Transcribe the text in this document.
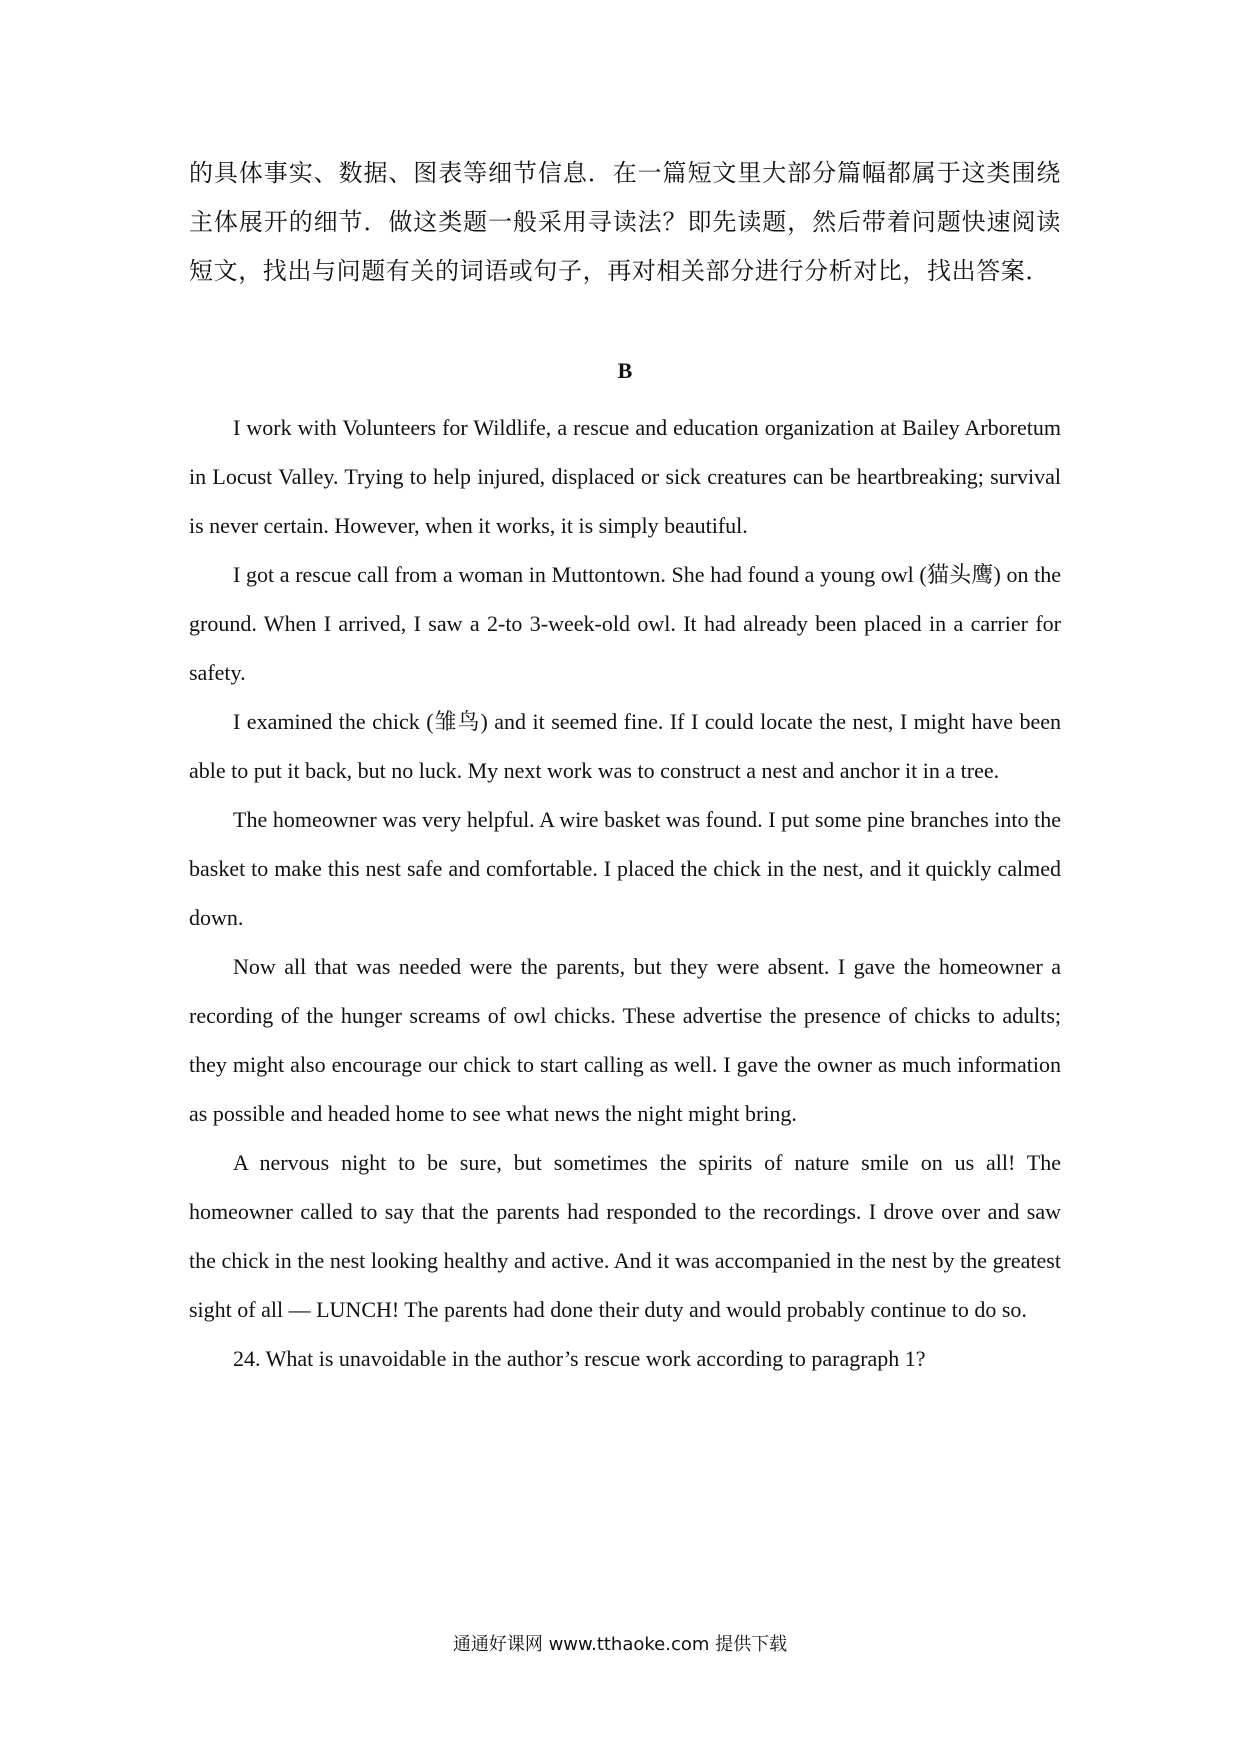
的具体事实、数据、图表等细节信息．在一篇短文里大部分篇幅都属于这类围绕主体展开的细节．做这类题一般采用寻读法？即先读题，然后带着问题快速阅读短文，找出与问题有关的词语或句子，再对相关部分进行分析对比，找出答案．

B

I work with Volunteers for Wildlife, a rescue and education organization at Bailey Arboretum in Locust Valley. Trying to help injured, displaced or sick creatures can be heartbreaking; survival is never certain. However, when it works, it is simply beautiful.

I got a rescue call from a woman in Muttontown. She had found a young owl (猫头鹰) on the ground. When I arrived, I saw a 2-to 3-week-old owl. It had already been placed in a carrier for safety.

I examined the chick (雏鸟) and it seemed fine. If I could locate the nest, I might have been able to put it back, but no luck. My next work was to construct a nest and anchor it in a tree.

The homeowner was very helpful. A wire basket was found. I put some pine branches into the basket to make this nest safe and comfortable. I placed the chick in the nest, and it quickly calmed down.

Now all that was needed were the parents, but they were absent. I gave the homeowner a recording of the hunger screams of owl chicks. These advertise the presence of chicks to adults; they might also encourage our chick to start calling as well. I gave the owner as much information as possible and headed home to see what news the night might bring.

A nervous night to be sure, but sometimes the spirits of nature smile on us all! The homeowner called to say that the parents had responded to the recordings. I drove over and saw the chick in the nest looking healthy and active. And it was accompanied in the nest by the greatest sight of all — LUNCH! The parents had done their duty and would probably continue to do so.

24. What is unavoidable in the author’s rescue work according to paragraph 1?

通通好课网 www.tthaoke.com 提供下载
